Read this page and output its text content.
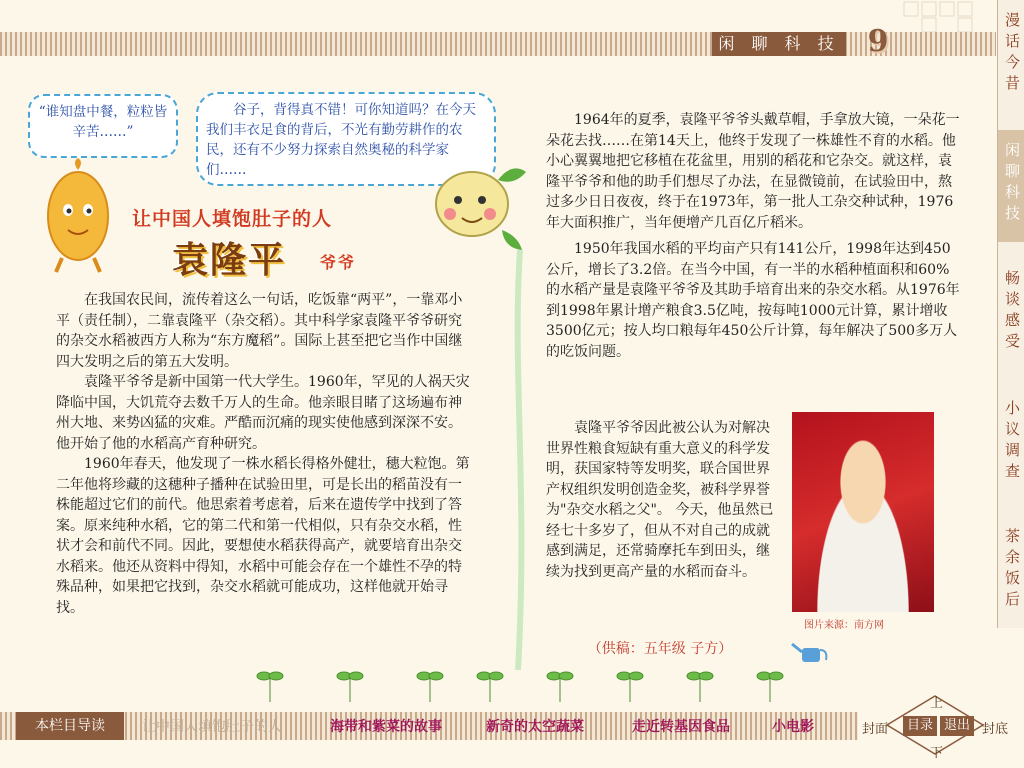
闲 聊 科 技 9	漫话今昔
闲聊科技
畅谈感受
小议调查
茶余饭后
“谁知盘中餐，粒粒皆辛苦……”

谷子，背得真不错！可你知道吗？在今天我们丰衣足食的背后，不光有勤劳耕作的农民，还有不少努力探索自然奥秘的科学家们……

让中国人填饱肚子的人
袁隆平 爷爷

在我国农民间，流传着这么一句话，吃饭靠“两平”，一靠邓小平（责任制），二靠袁隆平（杂交稻）。其中科学家袁隆平爷爷研究的杂交水稻被西方人称为“东方魔稻”。国际上甚至把它当作中国继四大发明之后的第五大发明。

袁隆平爷爷是新中国第一代大学生。1960年，罕见的人祸天灾降临中国，大饥荒夺去数千万人的生命。他亲眼目睹了这场遍布神州大地、来势凶猛的灾难。严酷而沉痛的现实使他感到深深不安。他开始了他的水稻高产育种研究。

1960年春天，他发现了一株水稻长得格外健壮，穗大粒饱。第二年他将珍藏的这穗种子播种在试验田里，可是长出的稻苗没有一株能超过它们的前代。他思索着考虑着，后来在遗传学中找到了答案。原来纯种水稻，它的第二代和第一代相似，只有杂交水稻，性状才会和前代不同。因此，要想使水稻获得高产，就要培育出杂交水稻来。他还从资料中得知，水稻中可能会存在一个雄性不孕的特殊品种，如果把它找到，杂交水稻就可能成功，这样他就开始寻找。

1964年的夏季，袁隆平爷爷头戴草帽，手拿放大镜，一朵花一朵花去找……在第14天上，他终于发现了一株雄性不育的水稻。他小心翼翼地把它移植在花盆里，用别的稻花和它杂交。就这样，袁隆平爷爷和他的助手们想尽了办法，在显微镜前，在试验田中，熬过多少日日夜夜，终于在1973年，第一批人工杂交种试种，1976年大面积推广，当年便增产几百亿斤稻米。

1950年我国水稻的平均亩产只有141公斤，1998年达到450公斤，增长了3.2倍。在当今中国，有一半的水稻种植面积和60%的水稻产量是袁隆平爷爷及其助手培育出来的杂交水稻。从1976年到1998年累计增产粮食3.5亿吨，按每吨1000元计算，累计增收3500亿元；按人均口粮每年450公斤计算，每年解决了500多万人的吃饭问题。

袁隆平爷爷因此被公认为对解决世界性粮食短缺有重大意义的科学发明，获国家特等发明奖，联合国世界产权组织发明创造金奖，被科学界誉为"杂交水稻之父"。 今天，他虽然已经七十多岁了，但从不对自己的成就感到满足，还常骑摩托车到田头，继续为找到更高产量的水稻而奋斗。

（供稿：五年级 子方）
图片来源：南方网
本栏目导读	让中国人填饱肚子的人	海带和紫菜的故事	新奇的太空蔬菜	走近转基因食品	小电影
上
下
封面	目录 退出 封底
